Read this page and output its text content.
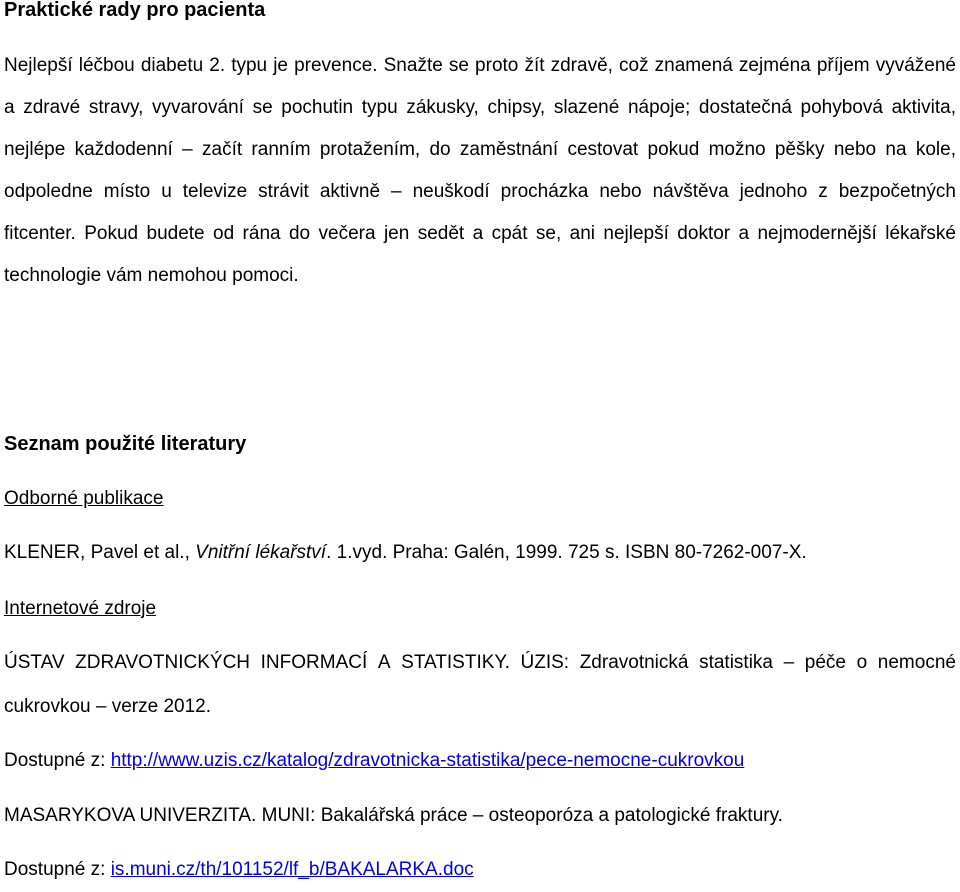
Praktické rady pro pacienta
Nejlepší léčbou diabetu 2. typu je prevence. Snažte se proto žít zdravě, což znamená zejména příjem vyvážené a zdravé stravy, vyvarování se pochutin typu zákusky, chipsy, slazené nápoje; dostatečná pohybová aktivita, nejlépe každodenní – začít ranním protažením, do zaměstnání cestovat pokud možno pěšky nebo na kole, odpoledne místo u televize strávit aktivně – neuškodí procházka nebo návštěva jednoho z bezpočetných fitcenter. Pokud budete od rána do večera jen sedět a cpát se, ani nejlepší doktor a nejmodernější lékařské technologie vám nemohou pomoci.
Seznam použité literatury
Odborné publikace
KLENER, Pavel et al., Vnitřní lékařství. 1.vyd. Praha: Galén, 1999. 725 s. ISBN 80-7262-007-X.
Internetové zdroje
ÚSTAV ZDRAVOTNICKÝCH INFORMACÍ A STATISTIKY. ÚZIS: Zdravotnická statistika – péče o nemocné
cukrovkou – verze 2012.
Dostupné z: http://www.uzis.cz/katalog/zdravotnicka-statistika/pece-nemocne-cukrovkou
MASARYKOVA UNIVERZITA. MUNI: Bakalářská práce – osteoporóza a patologické fraktury.
Dostupné z: is.muni.cz/th/101152/lf_b/BAKALARKA.doc
